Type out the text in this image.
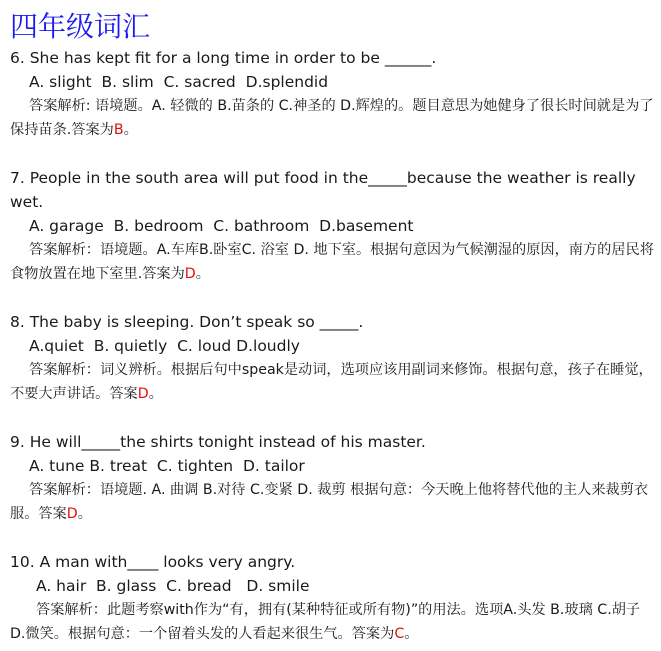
四年级词汇

6. She has kept fit for a long time in order to be ______.

A. slight  B. slim  C. sacred  D.splendid

答案解析: 语境题。A. 轻微的 B.苗条的 C.神圣的 D.辉煌的。题目意思为她健身了很长时间就是为了 保持苗条.答案为B。

7. People in the south area will put food in the_____because the weather is really wet.

A. garage  B. bedroom  C. bathroom  D.basement

答案解析：语境题。A.车库B.卧室C. 浴室 D. 地下室。根据句意因为气候潮湿的原因，南方的居民将 食物放置在地下室里.答案为D。

8. The baby is sleeping. Don’t speak so _____.

A.quiet  B. quietly  C. loud D.loudly

答案解析：词义辨析。根据后句中speak是动词，选项应该用副词来修饰。根据句意，孩子在睡觉， 不要大声讲话。答案D。

9. He will_____the shirts tonight instead of his master.

A. tune B. treat  C. tighten  D. tailor

答案解析：语境题. A. 曲调 B.对待 C.变紧 D. 裁剪 根据句意：今天晚上他将替代他的主人来裁剪衣 服。答案D。

10. A man with____ looks very angry.

A. hair  B. glass  C. bread   D. smile

答案解析：此题考察with作为“有，拥有(某种特征或所有物)”的用法。选项A.头发 B.玻璃 C.胡子 D.微笑。根据句意：一个留着头发的人看起来很生气。答案为C。
